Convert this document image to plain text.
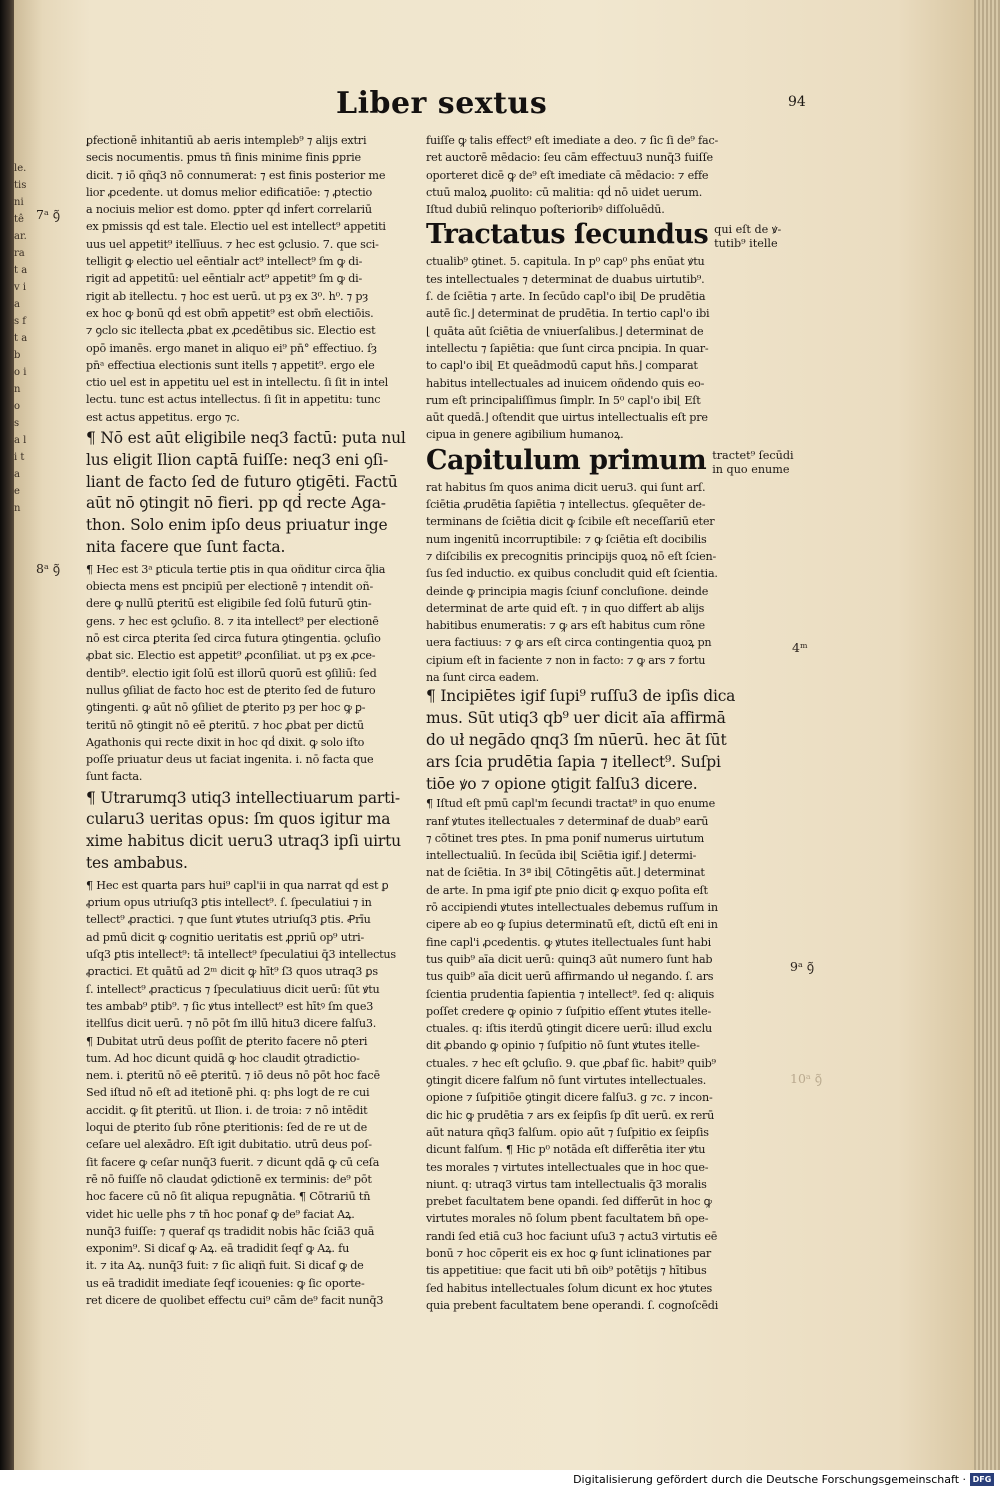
le. tis ni tê ar. ra t a v i a s ft a b o in o s a l i t a e n
Liber sextus	94
ꝑfectionē inhitantiū ab aeris intempleb⁹ ⁊ alijs extri
secis nocumentis. pmus tn̄ finis minime finis ꝑprie
dicit. ⁊ iō qñq3 nō connumerat: ⁊ est finis posterior me
lior ꝓcedente. ut domus melior edificatiōe: ⁊ ꝓtectio
a nociuis melior est domo. ꝑpter qḋ infert correlariū
ex pmissis qḋ est tale. Electio uel est intellect⁹ appetiti
uus uel appetit⁹ itellīuus. ⁊ hec est ꝯclusio. 7. que sci-
telligit ꝙ electio uel eēntialr act⁹ intellect⁹ ſm ꝙ di-
rigit ad appetitū: uel eēntialr act⁹ appetit⁹ ſm ꝙ di-
rigit ab itellectu. ⁊ hoc est uerū. ut pȝ ex 3⁰. h⁰. ⁊ pȝ
ex hoc ꝙ bonū qḋ est obm̄ appetit⁹ est obm̄ electiōis.
⁊ ꝯclo sic itellecta ꝓbat ex ꝓcedētibus sic. Electio est
opō imanēs. ergo manet in aliquo ei⁹ pn̄° effectiuo. ſȝ
pn̄ᵃ effectiua electionis sunt itells ⁊ appetit⁹. ergo ele
ctio uel est in appetitu uel est in intellectu. ſi ſit in intel
lectu. tunc est actus intellectus. ſi ſit in appetitu: tunc
est actus appetitus. ergo ⁊c.
¶ Nō est aūt eligibile neq3 factū: puta nul
lus eligit Ilion captā fuiſſe: neq3 eni ꝯſi-
liant de facto ſed de futuro ꝯtigēti. Factū
aūt nō ꝯtingit nō fieri. pp qḋ recte Aga-
thon. Solo enim ipſo deus priuatur inge
nita facere que ſunt facta.
¶ Hec est 3ᵃ ꝑticula tertie ꝑtis in qua oñditur circa q̄lia
obiecta mens est pncipiū per electionē ⁊ intendit oñ-
dere ꝙ nullū ꝑteritū est eligibile ſed ſolū futurū ꝯtin-
gens. ⁊ hec est ꝯcluſio. 8. ⁊ ita intellect⁹ per electionē
nō est circa ꝑterita ſed circa futura ꝯtingentia. ꝯcluſio
ꝓbat sic. Electio est appetit⁹ ꝓconſiliat. ut pȝ ex ꝓce-
dentib⁹. electio igit ſolū est illorū quorū est ꝯſiliū: ſed
nullus ꝯſiliat de facto hoc est de ꝑterito ſed de futuro
ꝯtingenti. ꝙ aūt nō ꝯſiliet de ꝑterito pȝ per hoc ꝙ ꝑ-
teritū nō ꝯtingit nō eē ꝑteritū. ⁊ hoc ꝓbat per dictū
Agathonis qui recte dixit in hoc qḋ dixit. ꝙ solo iſto
poſſe priuatur deus ut faciat ingenita. i. nō facta que
ſunt facta.
¶ Utrarumq3 utiq3 intellectiuarum parti-
cularu3 ueritas opus: ſm quos igitur ma
xime habitus dicit ueru3 utraq3 ipſi uirtu
tes ambabus.
¶ Hec est quarta pars hui⁹ capl'ii in qua narrat qḋ est ꝑ
ꝓrium opus utriuſq3 ꝑtis intellect⁹. ſ. ſpeculatiui ⁊ in
tellect⁹ ꝓractici. ⁊ que ſunt ꝟtutes utriuſq3 ꝑtis. Ꝓrīu
ad pmū dicit ꝙ cognitio ueritatis est ꝓpriū op⁹ utri-
uſq3 ꝑtis intellect⁹: tā intellect⁹ ſpeculatiui q̄3 intellectus
ꝓractici. Et quātū ad 2ᵐ dicit ꝙ hīt⁹ ſ3 quos utraq3 ꝑs
ſ. intellect⁹ ꝓracticus ⁊ ſpeculatiuus dicit uerū: ſūt ꝟtu
tes ambab⁹ ꝑtib⁹. ⁊ ſic ꝟtus intellect⁹ est hītꝰ ſm que3
itellſus dicit uerū. ⁊ nō pōt ſm illū hitu3 dicere falſu3.
¶ Dubitat utrū deus poſſit de ꝑterito facere nō ꝑteri
tum. Ad hoc dicunt quidā ꝙ hoc claudit ꝯtradictio-
nem. i. ꝑteritū nō eē ꝑteritū. ⁊ iō deus nō pōt hoc facē
Sed iſtud nō eſt ad itetionē phi. q: phs logt de re cui
accidit. ꝙ ſit ꝑteritū. ut Ilion. i. de troia: ⁊ nō intēdit
loqui de ꝑterito ſub rōne ꝑteritionis: ſed de re ut de
ceſare uel alexādro. Eſt igit dubitatio. utrū deus poſ-
ſit facere ꝙ ceſar nunq̄3 fuerit. ⁊ dicunt qdā ꝙ cū ceſa
rē nō fuiſſe nō claudat ꝯdictionē ex terminis: de⁹ pōt
hoc facere cū nō ſit aliqua repugnātia. ¶ Cōtrariū tn̄
videt hic uelle phs ⁊ tn̄ hoc ponaf ꝙ de⁹ faciat Aꝝ.
nunq̄3 fuiſſe: ⁊ queraf qs tradidit nobis hāc ſciā3 quā
exponim⁹. Si dicaf ꝙ Aꝝ. eā tradidit ſeqf ꝙ Aꝝ. fu
it. ⁊ ita Aꝝ. nunq̄3 fuit: ⁊ ſic aliqñ fuit. Si dicaf ꝙ de
us eā tradidit imediate ſeqf icouenies: ꝙ ſic oporte-
ret dicere de quolibet effectu cui⁹ cām de⁹ facit nunq̄3
fuiſſe ꝙ talis effect⁹ eſt imediate a deo. ⁊ ſic ſi de⁹ fac-
ret auctorē mēdacio: ſeu cām effectuu3 nunq̄3 fuiſſe
oporteret dicē ꝙ de⁹ eſt imediate cā mēdacio: ⁊ effe
ctuū maloꝝ ꝓuolito: cū malitia: qḋ nō uidet uerum.
Iſtud dubiū relinquo poſterioribꝰ diſſoluēdū.
Tractatus ſecundus qui eſt de ꝟ-
tutib⁹ itelle
ctualib⁹ ꝯtinet. 5. capitula. In p⁰ cap⁰ phs enūat ꝟtu
tes intellectuales ⁊ determinat de duabus uirtutib⁹.
ſ. de ſciētia ⁊ arte. In ſecūdo capl'o ibi⌊ De prudētia
autē ſic.⌋ determinat de prudētia. In tertio capl'o ibi
⌊ quāta aūt ſciētia de vniuerſalibus.⌋ determinat de
intellectu ⁊ ſapiētia: que ſunt circa pncipia. In quar-
to capl'o ibi⌊ Et queādmodū caput hñs.⌋ comparat
habitus intellectuales ad inuicem oñdendo quis eo-
rum eſt principaliſſimus ſimplr. In 5⁰ capl'o ibi⌊ Eſt
aūt quedā.⌋ oſtendit que uirtus intellectualis eſt pre
cipua in genere agibilium humanoꝝ.
Capitulum primum tractet⁹ ſecūdi
in quo enume
rat habitus ſm quos anima dicit ueru3. qui ſunt arſ.
ſciētia ꝓrudētia ſapiētia ⁊ intellectus. ꝯſequēter de-
terminans de ſciētia dicit ꝙ ſcibile eſt neceſſariū eter
num ingenitū incorruptibile: ⁊ ꝙ ſciētia eſt docibilis
⁊ diſcibilis ex precognitis principijs quoꝝ nō eſt ſcien-
ſus ſed inductio. ex quibus concludit quid eſt ſcientia.
deinde ꝙ principia magis ſciunf concluſione. deinde
determinat de arte quid eſt. ⁊ in quo differt ab alijs
habitibus enumeratis: ⁊ ꝙ ars eſt habitus cum rōne
uera factiuus: ⁊ ꝙ ars eſt circa contingentia quoꝝ pn
cipium eſt in faciente ⁊ non in facto: ⁊ ꝙ ars ⁊ fortu
na ſunt circa eadem.
¶ Incipiētes igif ſupi⁹ ruſſu3 de ipſis dica
mus. Sūt utiq3 qb⁹ uer dicit aīa affirmā
do uł negādo qnq3 ſm nūerū. hec āt ſūt
ars ſcia prudētia ſapia ⁊ itellect⁹. Suſpi
tiōe ꝟo ⁊ opione ꝯtigit falſu3 dicere.
¶ Iſtud eſt pmū capl'm ſecundi tractat⁹ in quo enume
ranf ꝟtutes itellectuales ⁊ determinaf de duab⁹ earū
⁊ cōtinet tres ꝑtes. In pma ponif numerus uirtutum
intellectualiū. In ſecūda ibi⌊ Sciētia igif.⌋ determi-
nat de ſciētia. In 3ª ibi⌊ Cōtingētis aūt.⌋ determinat
de arte. In pma igif ꝑte pnio dicit ꝙ exquo poſita eſt
rō accipiendi ꝟtutes intellectuales debemus ruſſum in
cipere ab eo ꝙ ſupius determinatū eſt, dictū eſt eni in
fine capl'i ꝓcedentis. ꝙ ꝟtutes itellectuales ſunt habi
tus quib⁹ aīa dicit uerū: quinq3 aūt numero ſunt hab
tus quib⁹ aīa dicit uerū affirmando uł negando. ſ. ars
ſcientia prudentia ſapientia ⁊ intellect⁹. ſed q: aliquis
poſſet credere ꝙ opinio ⁊ ſuſpitio eſſent ꝟtutes itelle-
ctuales. q: iſtis iterdū ꝯtingit dicere uerū: illud exclu
dit ꝓbando ꝙ opinio ⁊ ſuſpitio nō ſunt ꝟtutes itelle-
ctuales. ⁊ hec eſt ꝯcluſio. 9. que ꝓbaf ſic. habit⁹ quib⁹
ꝯtingit dicere falſum nō ſunt virtutes intellectuales.
opione ⁊ ſuſpitiōe ꝯtingit dicere falſu3. g ⁊c. ⁊ incon-
dic hic ꝙ prudētia ⁊ ars ex ſeipſis ſp dīt uerū. ex rerū
aūt natura qñq3 falſum. opio aūt ⁊ ſuſpitio ex ſeipſis
dicunt falſum. ¶ Hic p⁰ notāda eſt differētia iter ꝟtu
tes morales ⁊ virtutes intellectuales que in hoc que-
niunt. q: utraq3 virtus tam intellectualis q̄3 moralis
prebet facultatem bene opandi. ſed differūt in hoc ꝙ
virtutes morales nō ſolum pbent facultatem bn̄ ope-
randi ſed etiā cu3 hoc faciunt uſu3 ⁊ actu3 virtutis eē
bonū ⁊ hoc cōperit eis ex hoc ꝙ ſunt iclinationes par
tis appetitiue: que facit uti bn̄ oib⁹ potētijs ⁊ hītibus
ſed habitus intellectuales ſolum dicunt ex hoc ꝟtutes
quia prebent facultatem bene operandi. ſ. cognoſcēdi
7ᵃ ꝯ̃
8ᵃ ꝯ̃
4ᵐ
9ᵃ ꝯ̃
10ᵃ ꝯ̃
Digitalisierung gefördert durch die Deutsche Forschungsgemeinschaft · DFG
